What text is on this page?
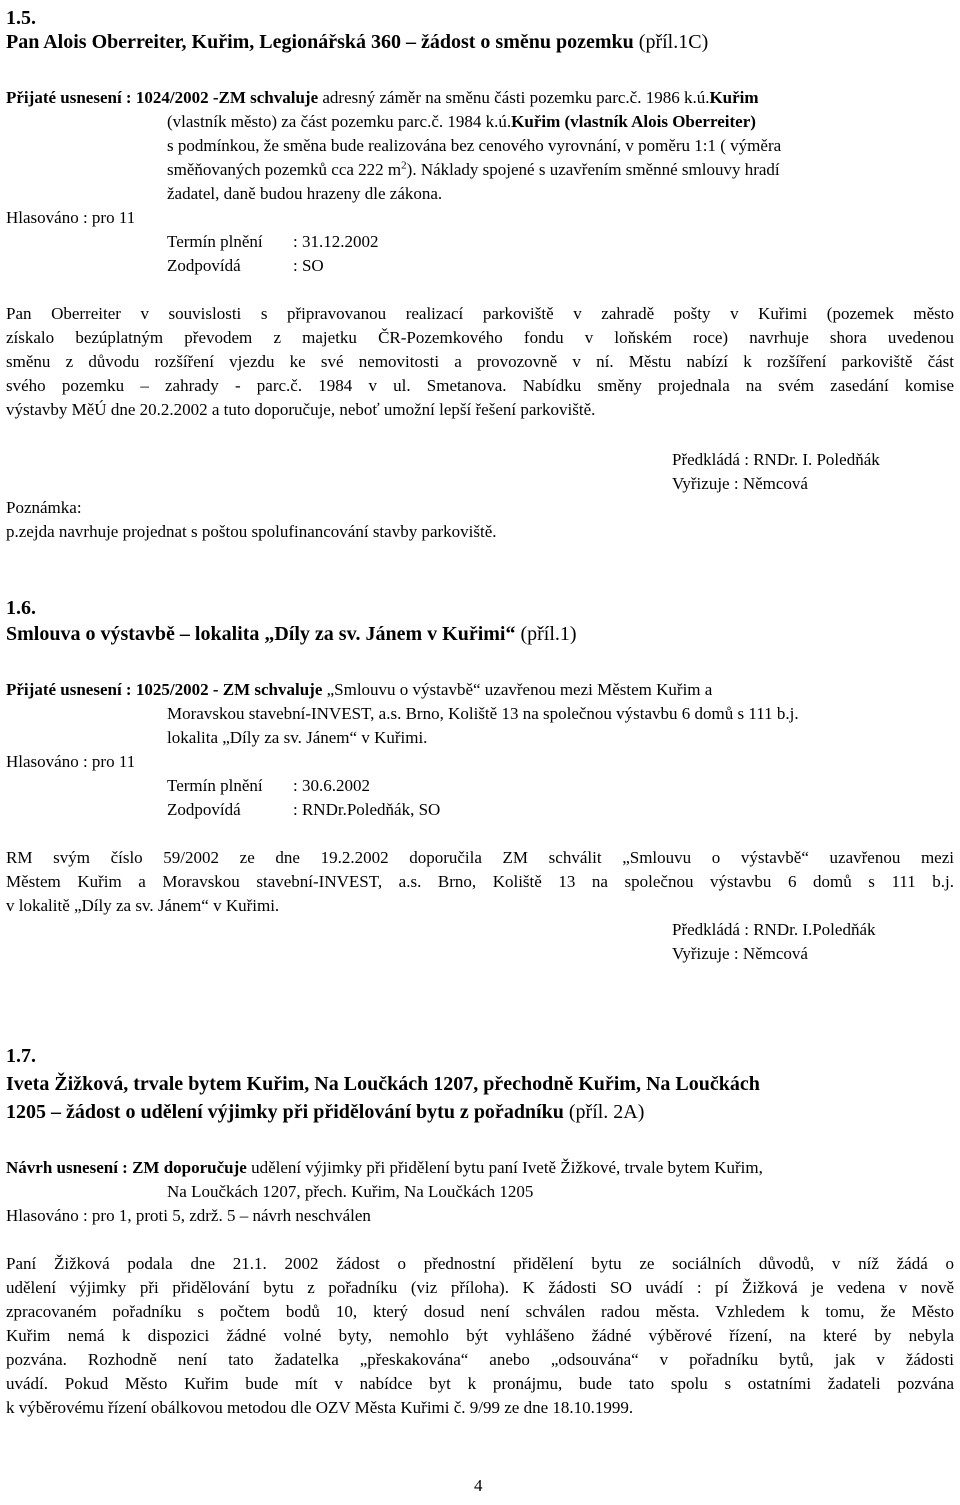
1.5.
Pan Alois Oberreiter, Kuřim, Legionářská 360 – žádost o směnu pozemku (příl.1C)
Přijaté usnesení : 1024/2002 -ZM schvaluje adresný záměr na směnu části pozemku parc.č. 1986 k.ú.Kuřim
(vlastník město) za část pozemku parc.č. 1984 k.ú.Kuřim (vlastník Alois Oberreiter)
s podmínkou, že směna bude realizována bez cenového vyrovnání, v poměru 1:1 ( výměra
směňovaných pozemků cca 222 $m^2$). Náklady spojené s uzavřením směnné smlouvy hradí
žadatel, daně budou hrazeny dle zákona.
Hlasováno : pro 11
Termín plnění : 31.12.2002
Zodpovídá	: SO
Pan Oberreiter v souvislosti s připravovanou realizací parkoviště v zahradě pošty v Kuřimi (pozemek město
získalo bezúplatným převodem z majetku ČR-Pozemkového fondu v loňském roce) navrhuje shora uvedenou
směnu z důvodu rozšíření vjezdu ke své nemovitosti a provozovně v ní. Městu nabízí k rozšíření parkoviště část
svého pozemku – zahrady - parc.č. 1984 v ul. Smetanova. Nabídku směny projednala na svém zasedání komise
výstavby MěÚ dne 20.2.2002 a tuto doporučuje, neboť umožní lepší řešení parkoviště.
Předkládá : RNDr. I. Poledňák
Vyřizuje : Němcová
Poznámka:
p.zejda navrhuje projednat s poštou spolufinancování stavby parkoviště.
1.6.
Smlouva o výstavbě – lokalita „Díly za sv. Jánem v Kuřimi“ (příl.1)
Přijaté usnesení : 1025/2002 - ZM schvaluje „Smlouvu o výstavbě“ uzavřenou mezi Městem Kuřim a
Moravskou stavební-INVEST, a.s. Brno, Koliště 13 na společnou výstavbu 6 domů s 111 b.j.
lokalita „Díly za sv. Jánem“ v Kuřimi.
Hlasováno : pro 11
Termín plnění : 30.6.2002
Zodpovídá	: RNDr.Poledňák, SO
RM svým číslo 59/2002 ze dne 19.2.2002 doporučila ZM schválit „Smlouvu o výstavbě“ uzavřenou mezi
Městem Kuřim a Moravskou stavební-INVEST, a.s. Brno, Koliště 13 na společnou výstavbu 6 domů s 111 b.j.
v lokalitě „Díly za sv. Jánem“ v Kuřimi.
Předkládá : RNDr. I.Poledňák
Vyřizuje : Němcová
1.7.
Iveta Žižková, trvale bytem Kuřim, Na Loučkách 1207, přechodně Kuřim, Na Loučkách
1205 – žádost o udělení výjimky při přidělování bytu z pořadníku (příl. 2A)
Návrh usnesení : ZM doporučuje udělení výjimky při přidělení bytu paní Ivetě Žižkové, trvale bytem Kuřim,
Na Loučkách 1207, přech. Kuřim, Na Loučkách 1205
Hlasováno : pro 1, proti 5, zdrž. 5 – návrh neschválen
Paní Žižková podala dne 21.1. 2002 žádost o přednostní přidělení bytu ze sociálních důvodů, v níž žádá o
udělení výjimky při přidělování bytu z pořadníku (viz příloha). K žádosti SO uvádí : pí Žižková je vedena v nově
zpracovaném pořadníku s počtem bodů 10, který dosud není schválen radou města. Vzhledem k tomu, že Město
Kuřim nemá k dispozici žádné volné byty, nemohlo být vyhlášeno žádné výběrové řízení, na které by nebyla
pozvána. Rozhodně není tato žadatelka „přeskakována“ anebo „odsouvána“ v pořadníku bytů, jak v žádosti
uvádí. Pokud Město Kuřim bude mít v nabídce byt k pronájmu, bude tato spolu s ostatními žadateli pozvána
k výběrovému řízení obálkovou metodou dle OZV Města Kuřimi č. 9/99 ze dne 18.10.1999.
4
